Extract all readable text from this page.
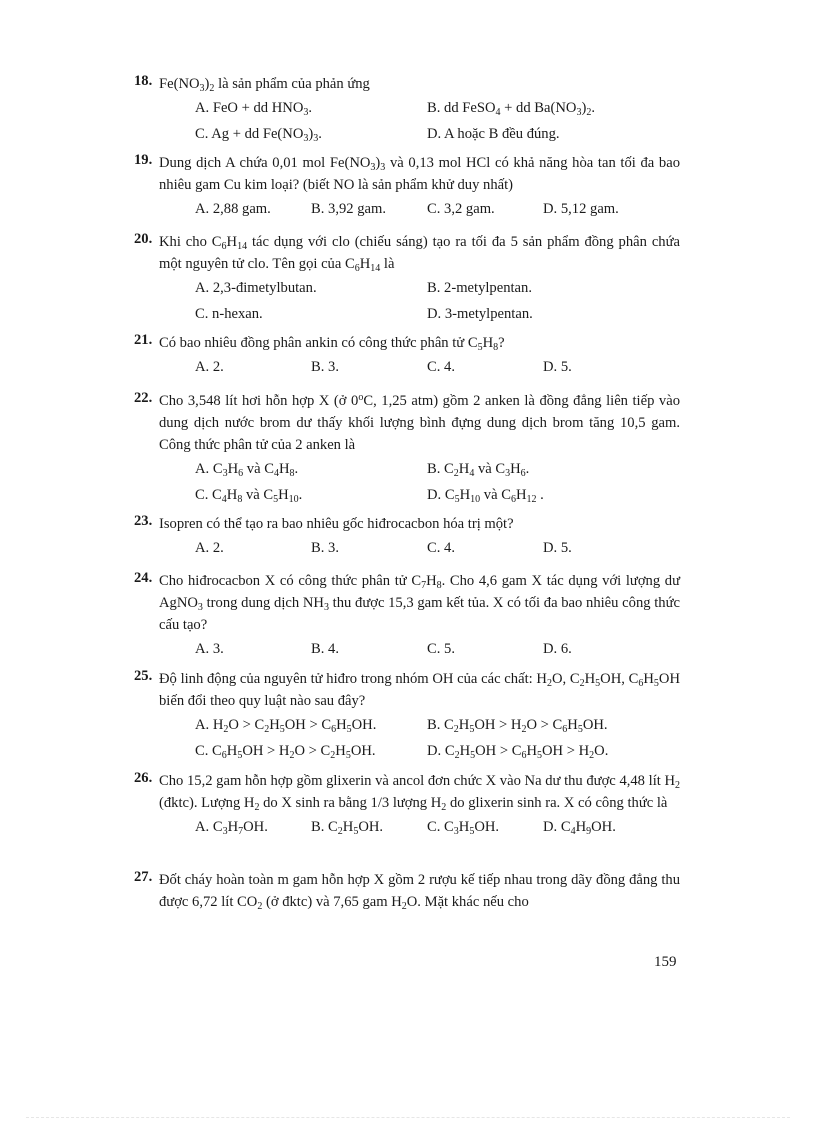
18. $Fe(NO_3)_2$ là sản phẩm của phản ứng
A. FeO + dd $HNO_3$.	B. dd FeSO$_4$ + dd $Ba(NO_3)_2$.
C. Ag + dd $Fe(NO_3)_3$.	D. A hoặc B đều đúng.
19. Dung dịch A chứa 0,01 mol $Fe(NO_3)_3$ và 0,13 mol HCl có khả năng hòa tan tối đa bao nhiêu gam Cu kim loại? (biết NO là sản phẩm khử duy nhất)
A. 2,88 gam.	B. 3,92 gam.	C. 3,2 gam.	D. 5,12 gam.
20. Khi cho $C_6H_{14}$ tác dụng với clo (chiếu sáng) tạo ra tối đa 5 sản phẩm đồng phân chứa một nguyên tử clo. Tên gọi của $C_6H_{14}$ là
A. 2,3-đimetylbutan.	B. 2-metylpentan.
C. n-hexan.	D. 3-metylpentan.
21. Có bao nhiêu đồng phân ankin có công thức phân tử $C_5H_8$?
A. 2.	B. 3.	C. 4.	D. 5.
22. Cho 3,548 lít hơi hỗn hợp X (ở 0$^o$C, 1,25 atm) gồm 2 anken là đồng đẳng liên tiếp vào dung dịch nước brom dư thấy khối lượng bình đựng dung dịch brom tăng 10,5 gam. Công thức phân tử của 2 anken là
A. $C_3H_6$ và $C_4H_8$.	B. $C_2H_4$ và $C_3H_6$.
C. $C_4H_8$ và $C_5H_{10}$.	D. $C_5H_{10}$ và $C_6H_{12}$ .
23. Isopren có thể tạo ra bao nhiêu gốc hiđrocacbon hóa trị một?
A. 2.	B. 3.	C. 4.	D. 5.
24. Cho hiđrocacbon X có công thức phân tử $C_7H_8$. Cho 4,6 gam X tác dụng với lượng dư AgNO$_3$ trong dung dịch $NH_3$ thu được 15,3 gam kết tủa. X có tối đa bao nhiêu công thức cấu tạo?
A. 3.	B. 4.	C. 5.	D. 6.
25. Độ linh động của nguyên tử hiđro trong nhóm OH của các chất: $H_2O$, $C_2H_5OH$, $C_6H_5OH$ biến đổi theo quy luật nào sau đây?
A. $H_2O > C_2H_5OH > C_6H_5OH$.	B. $C_2H_5OH > H_2O > C_6H_5OH$.
C. $C_6H_5OH > H_2O > C_2H_5OH$.	D. $C_2H_5OH > C_6H_5OH > H_2O$.
26. Cho 15,2 gam hỗn hợp gồm glixerin và ancol đơn chức X vào Na dư thu được 4,48 lít $H_2$ (đktc). Lượng $H_2$ do X sinh ra bằng 1/3 lượng $H_2$ do glixerin sinh ra. X có công thức là
A. $C_3H_7OH$.	B. $C_2H_5OH$.	C. $C_3H_5OH$.	D. $C_4H_9OH$.
27. Đốt cháy hoàn toàn m gam hỗn hợp X gồm 2 rượu kế tiếp nhau trong dãy đồng đẳng thu được 6,72 lít $CO_2$ (ở đktc) và 7,65 gam $H_2O$. Mặt khác nếu cho
159
